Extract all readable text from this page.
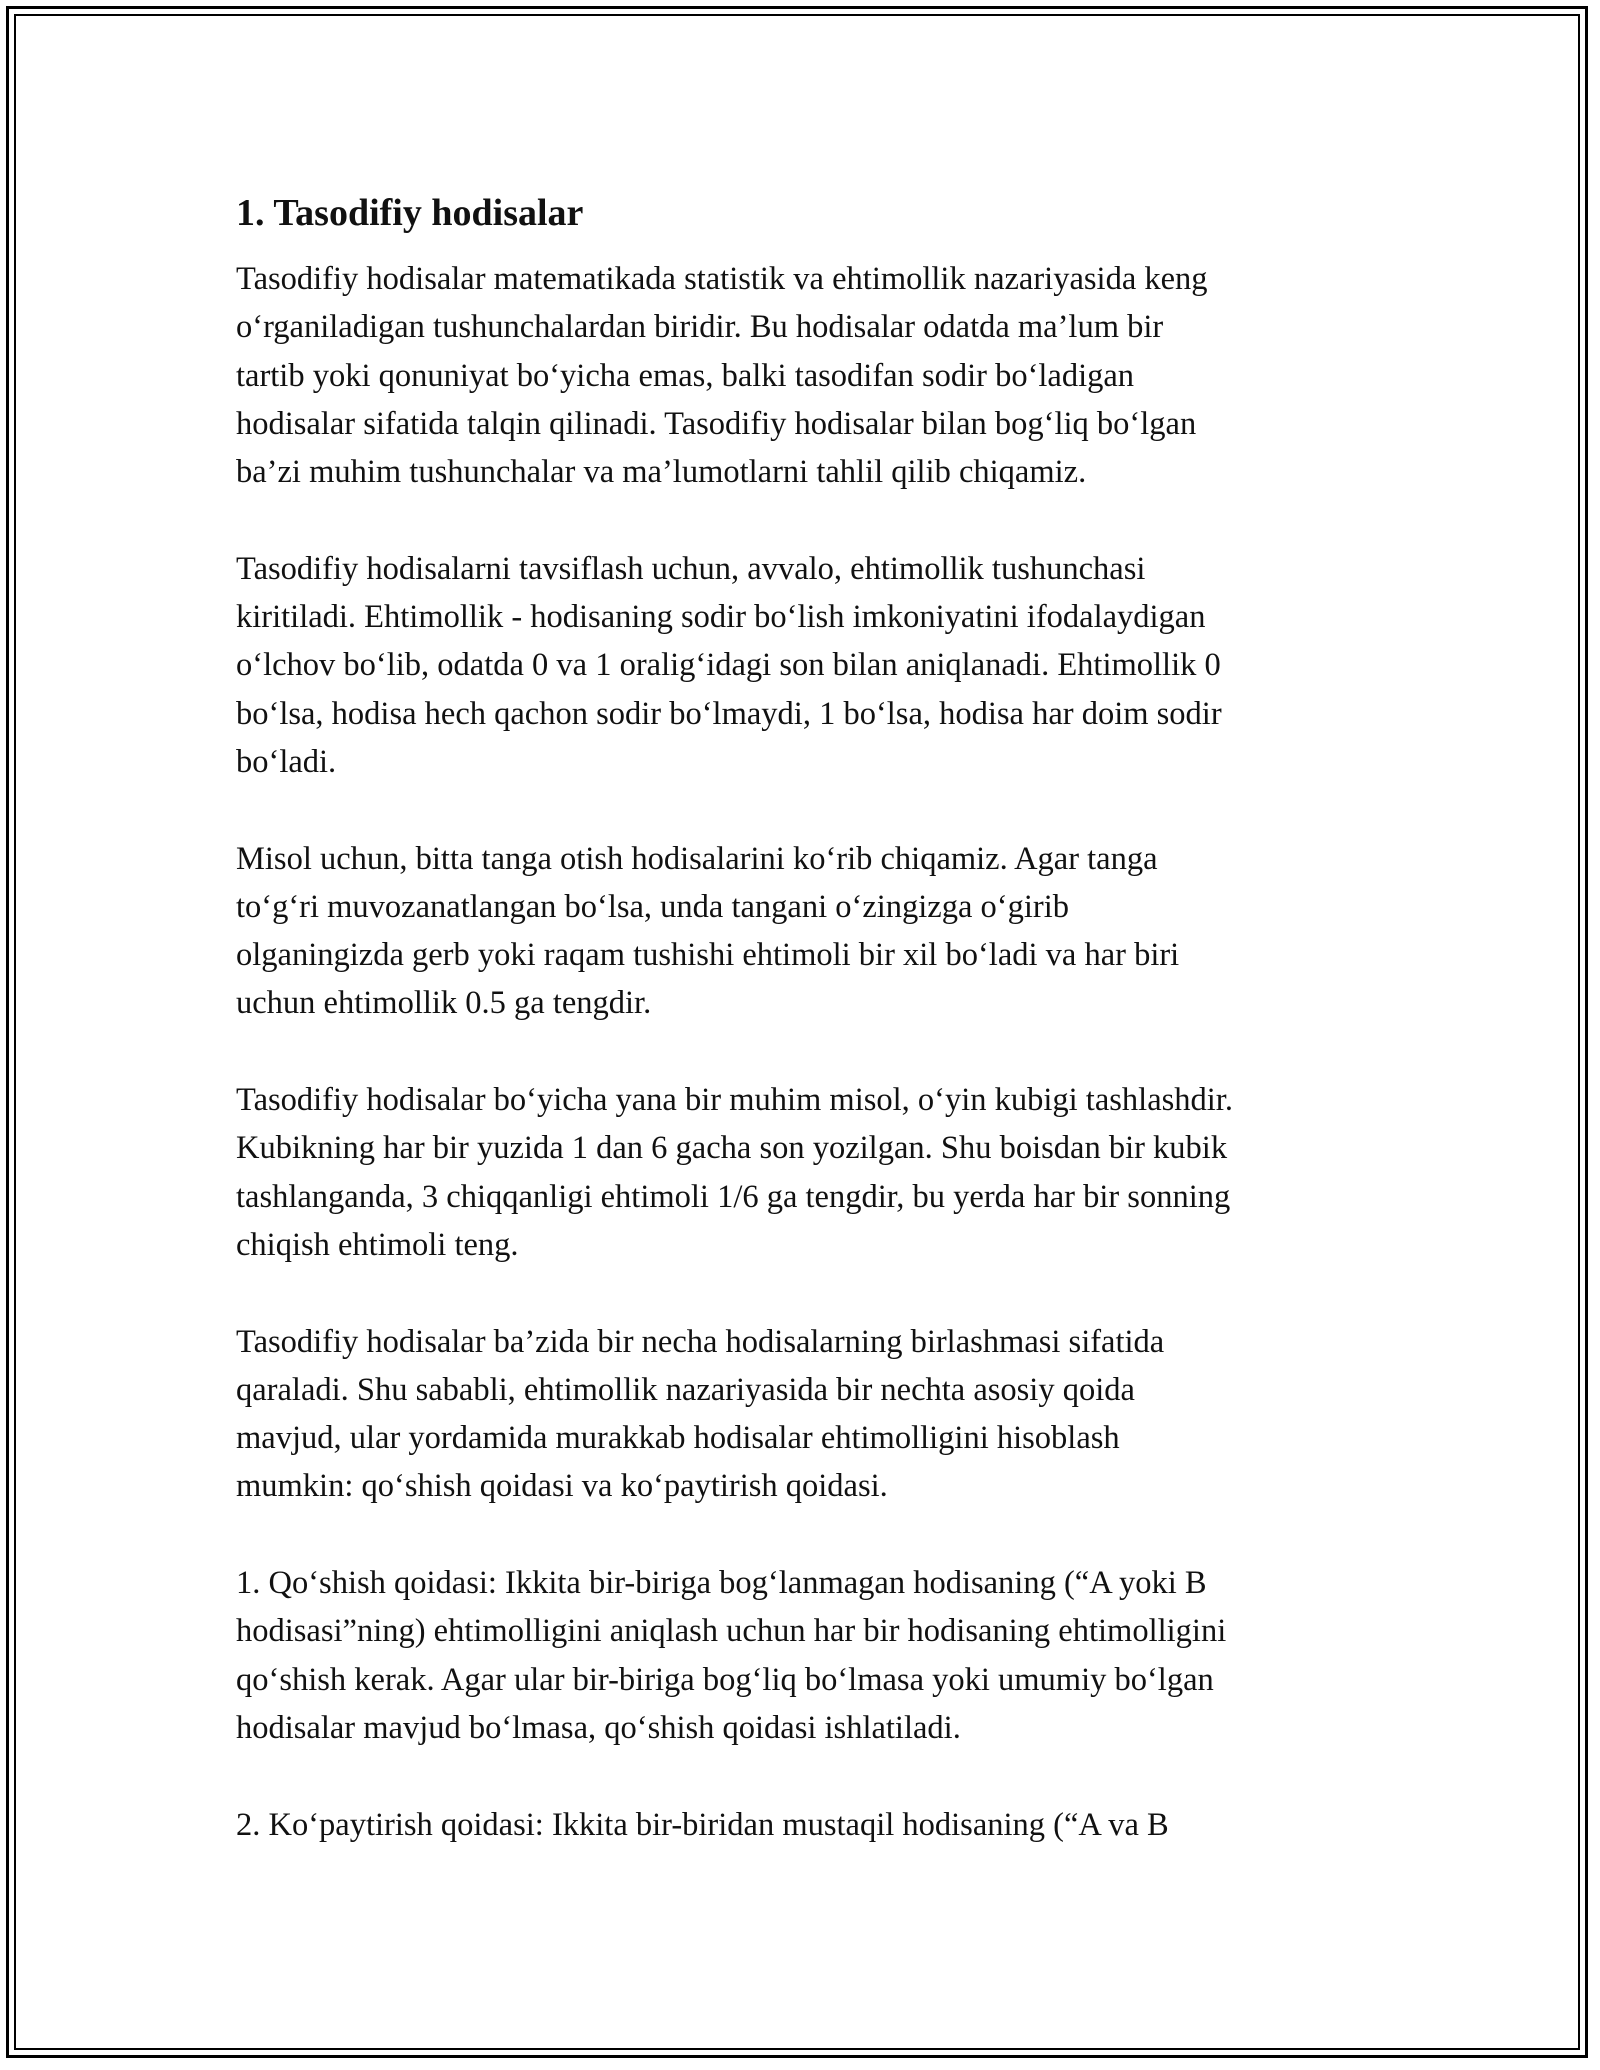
1. Tasodifiy hodisalar

Tasodifiy hodisalar matematikada statistik va ehtimollik nazariyasida keng
o‘rganiladigan tushunchalardan biridir. Bu hodisalar odatda ma’lum bir
tartib yoki qonuniyat bo‘yicha emas, balki tasodifan sodir bo‘ladigan
hodisalar sifatida talqin qilinadi. Tasodifiy hodisalar bilan bog‘liq bo‘lgan
ba’zi muhim tushunchalar va ma’lumotlarni tahlil qilib chiqamiz.

Tasodifiy hodisalarni tavsiflash uchun, avvalo, ehtimollik tushunchasi
kiritiladi. Ehtimollik - hodisaning sodir bo‘lish imkoniyatini ifodalaydigan
o‘lchov bo‘lib, odatda 0 va 1 oralig‘idagi son bilan aniqlanadi. Ehtimollik 0
bo‘lsa, hodisa hech qachon sodir bo‘lmaydi, 1 bo‘lsa, hodisa har doim sodir
bo‘ladi.

Misol uchun, bitta tanga otish hodisalarini ko‘rib chiqamiz. Agar tanga
to‘g‘ri muvozanatlangan bo‘lsa, unda tangani o‘zingizga o‘girib
olganingizda gerb yoki raqam tushishi ehtimoli bir xil bo‘ladi va har biri
uchun ehtimollik 0.5 ga tengdir.

Tasodifiy hodisalar bo‘yicha yana bir muhim misol, o‘yin kubigi tashlashdir.
Kubikning har bir yuzida 1 dan 6 gacha son yozilgan. Shu boisdan bir kubik
tashlanganda, 3 chiqqanligi ehtimoli 1/6 ga tengdir, bu yerda har bir sonning
chiqish ehtimoli teng.

Tasodifiy hodisalar ba’zida bir necha hodisalarning birlashmasi sifatida
qaraladi. Shu sababli, ehtimollik nazariyasida bir nechta asosiy qoida
mavjud, ular yordamida murakkab hodisalar ehtimolligini hisoblash
mumkin: qo‘shish qoidasi va ko‘paytirish qoidasi.

1. Qo‘shish qoidasi: Ikkita bir-biriga bog‘lanmagan hodisaning (“A yoki B
hodisasi”ning) ehtimolligini aniqlash uchun har bir hodisaning ehtimolligini
qo‘shish kerak. Agar ular bir-biriga bog‘liq bo‘lmasa yoki umumiy bo‘lgan
hodisalar mavjud bo‘lmasa, qo‘shish qoidasi ishlatiladi.

2. Ko‘paytirish qoidasi: Ikkita bir-biridan mustaqil hodisaning (“A va B
